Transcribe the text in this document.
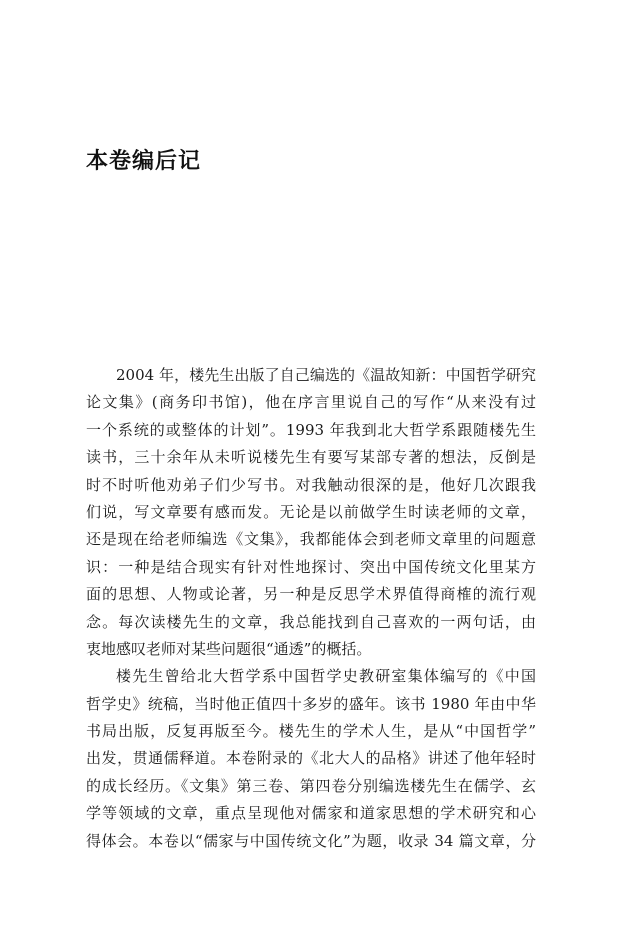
本卷编后记
2004 年，楼先生出版了自己编选的《温故知新：中国哲学研究
论文集》(商务印书馆)，他在序言里说自己的写作“从来没有过
一个系统的或整体的计划”。1993 年我到北大哲学系跟随楼先生
读书，三十余年从未听说楼先生有要写某部专著的想法，反倒是
时不时听他劝弟子们少写书。对我触动很深的是，他好几次跟我
们说，写文章要有感而发。无论是以前做学生时读老师的文章，
还是现在给老师编选《文集》，我都能体会到老师文章里的问题意
识：一种是结合现实有针对性地探讨、突出中国传统文化里某方
面的思想、人物或论著，另一种是反思学术界值得商榷的流行观
念。每次读楼先生的文章，我总能找到自己喜欢的一两句话，由
衷地感叹老师对某些问题很“通透”的概括。
楼先生曾给北大哲学系中国哲学史教研室集体编写的《中国
哲学史》统稿，当时他正值四十多岁的盛年。该书 1980 年由中华
书局出版，反复再版至今。楼先生的学术人生，是从“中国哲学”
出发，贯通儒释道。本卷附录的《北大人的品格》讲述了他年轻时
的成长经历。《文集》第三卷、第四卷分别编选楼先生在儒学、玄
学等领域的文章，重点呈现他对儒家和道家思想的学术研究和心
得体会。本卷以“儒家与中国传统文化”为题，收录 34 篇文章，分
